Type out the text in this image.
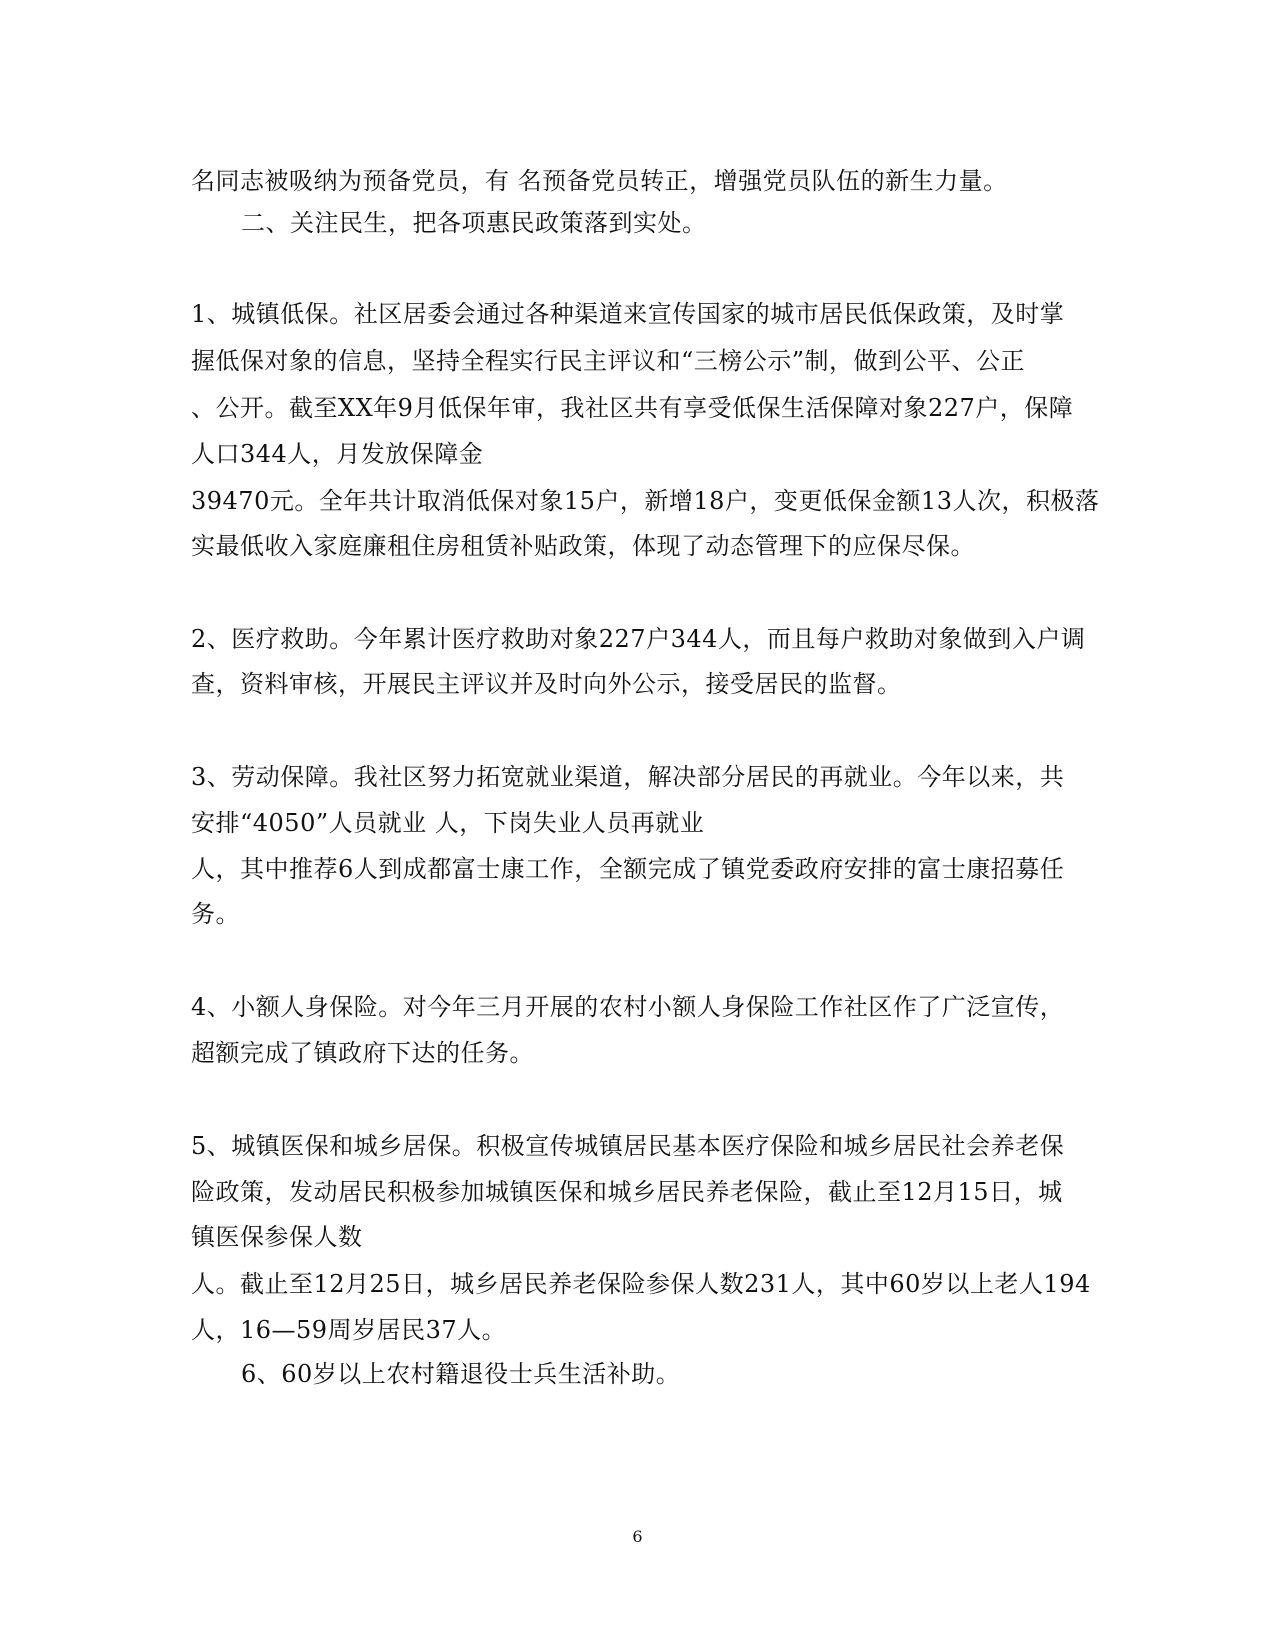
名同志被吸纳为预备党员，有 名预备党员转正，增强党员队伍的新生力量。
二、关注民生，把各项惠民政策落到实处。
1、城镇低保。社区居委会通过各种渠道来宣传国家的城市居民低保政策，及时掌
握低保对象的信息，坚持全程实行民主评议和“三榜公示”制，做到公平、公正
、公开。截至XX年9月低保年审，我社区共有享受低保生活保障对象227户，保障
人口344人，月发放保障金
39470元。全年共计取消低保对象15户，新增18户，变更低保金额13人次，积极落
实最低收入家庭廉租住房租赁补贴政策，体现了动态管理下的应保尽保。
2、医疗救助。今年累计医疗救助对象227户344人，而且每户救助对象做到入户调
查，资料审核，开展民主评议并及时向外公示，接受居民的监督。
3、劳动保障。我社区努力拓宽就业渠道，解决部分居民的再就业。今年以来，共
安排“4050”人员就业 人，下岗失业人员再就业
人，其中推荐6人到成都富士康工作，全额完成了镇党委政府安排的富士康招募任
务。
4、小额人身保险。对今年三月开展的农村小额人身保险工作社区作了广泛宣传，
超额完成了镇政府下达的任务。
5、城镇医保和城乡居保。积极宣传城镇居民基本医疗保险和城乡居民社会养老保
险政策，发动居民积极参加城镇医保和城乡居民养老保险，截止至12月15日，城
镇医保参保人数
人。截止至12月25日，城乡居民养老保险参保人数231人，其中60岁以上老人194
人，16—59周岁居民37人。
6、60岁以上农村籍退役士兵生活补助。
6
